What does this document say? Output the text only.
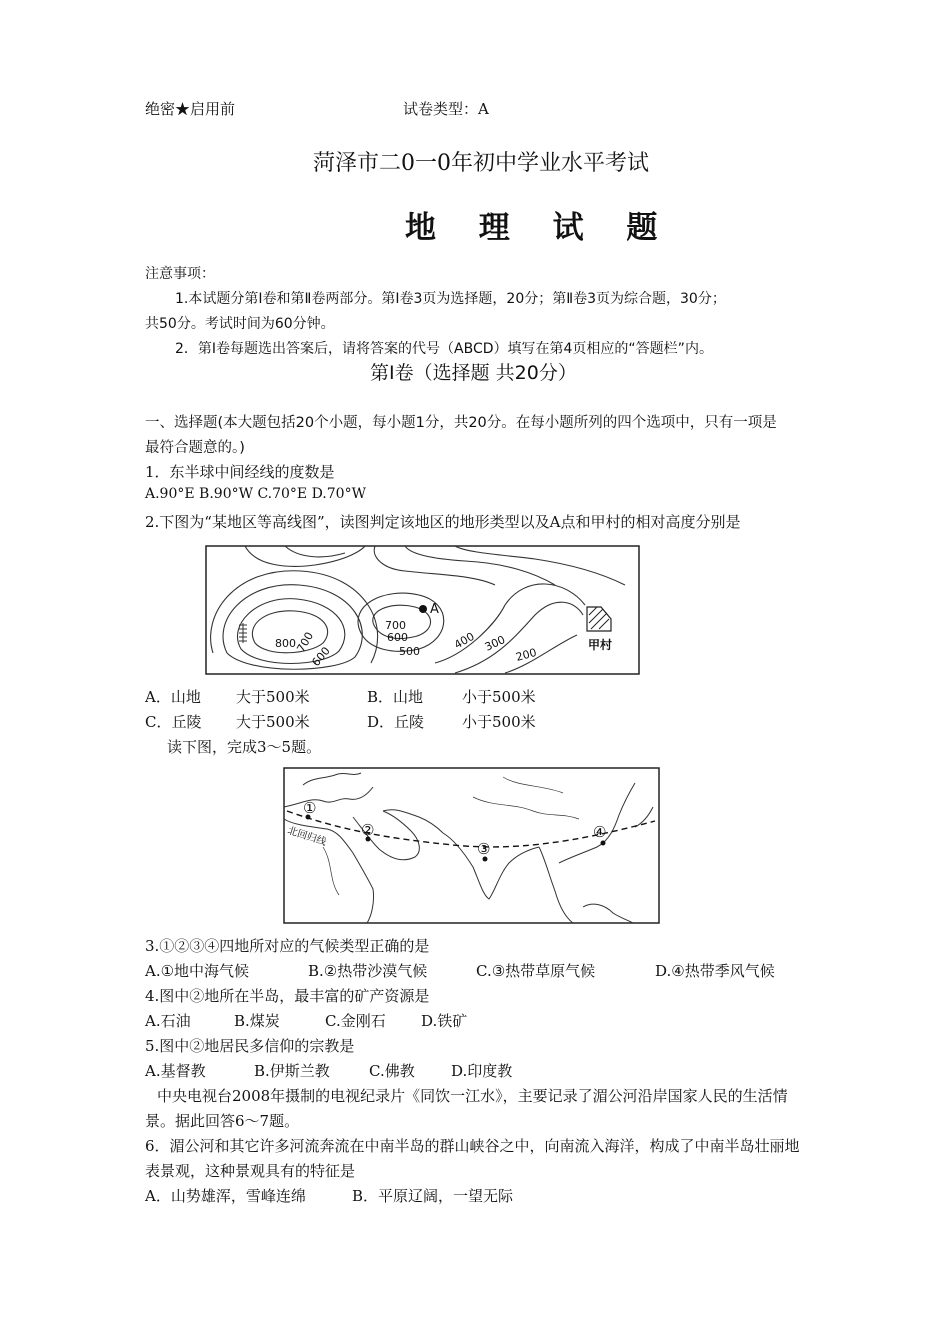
绝密★启用前	试卷类型：A
菏泽市二0一0年初中学业水平考试
地 理 试 题
注意事项：
1.本试题分第Ⅰ卷和第Ⅱ卷两部分。第Ⅰ卷3页为选择题，20分；第Ⅱ卷3页为综合题，30分；
共50分。考试时间为60分钟。
2．第Ⅰ卷每题选出答案后，请将答案的代号（ABCD）填写在第4页相应的“答题栏”内。
第Ⅰ卷（选择题 共20分）
一、选择题(本大题包括20个小题，每小题1分，共20分。在每小题所列的四个选项中，只有一项是
最符合题意的。)
1．东半球中间经线的度数是
A.90°E B.90°W C.70°E D.70°W
2.下图为“某地区等高线图”，读图判定该地区的地形类型以及A点和甲村的相对高度分别是
A
800
700
600
700
600
500	400 300
200
甲村
A．山地 大于500米	B．山地	小于500米
C．丘陵 大于500米	D．丘陵	小于500米
读下图，完成3～5题。
北回归线
①
②
③
④
3.①②③④四地所对应的气候类型正确的是
A.①地中海气候	B.②热带沙漠气候	C.③热带草原气候	D.④热带季风气候
4.图中②地所在半岛，最丰富的矿产资源是
A.石油	B.煤炭	C.金刚石 D.铁矿
5.图中②地居民多信仰的宗教是
A.基督教	B.伊斯兰教	C.佛教 D.印度教
中央电视台2008年摄制的电视纪录片《同饮一江水》，主要记录了湄公河沿岸国家人民的生活情
景。据此回答6～7题。
6．湄公河和其它许多河流奔流在中南半岛的群山峡谷之中，向南流入海洋，构成了中南半岛壮丽地
表景观，这种景观具有的特征是
A．山势雄浑，雪峰连绵	B．平原辽阔，一望无际
